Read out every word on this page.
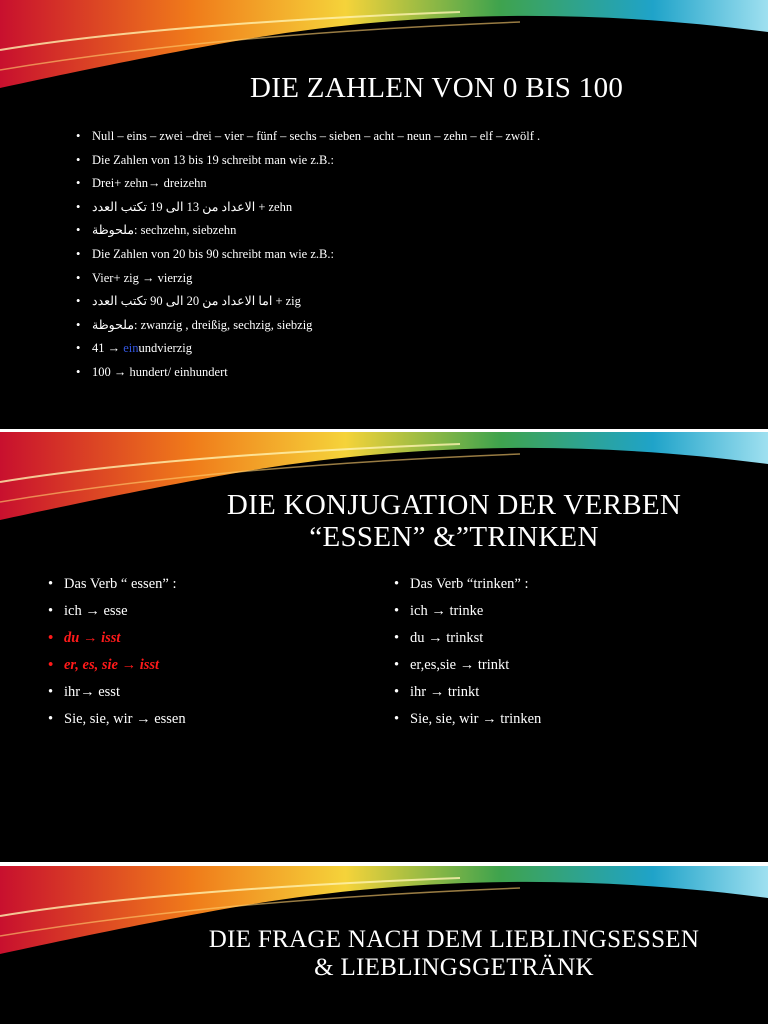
DIE ZAHLEN VON 0 BIS 100
• Null – eins – zwei –drei – vier – fünf – sechs – sieben – acht – neun – zehn – elf – zwölf .
• Die Zahlen von 13 bis 19 schreibt man wie z.B.:
• Drei+ zehn→ dreizehn
• الاعداد من 13 الى 19 تكتب العدد + zehn
• ملحوظة: sechzehn, siebzehn
• Die Zahlen von 20 bis 90 schreibt man wie z.B.:
• Vier+ zig → vierzig
• اما الاعداد من 20 الى 90 تكتب العدد + zig
• ملحوظة: zwanzig , dreißig, sechzig, siebzig
• 41 → einundvierzig
• 100 → hundert/ einhundert
DIE KONJUGATION DER VERBEN
“ESSEN” &”TRINKEN
• Das Verb “ essen” :
• ich → esse
• du → isst
• er, es, sie → isst
• ihr→ esst
• Sie, sie, wir → essen
• Das Verb “trinken” :
• ich → trinke
• du → trinkst
• er,es,sie → trinkt
• ihr → trinkt
• Sie, sie, wir → trinken
DIE FRAGE NACH DEM LIEBLINGSESSEN
& LIEBLINGSGETRÄNK
